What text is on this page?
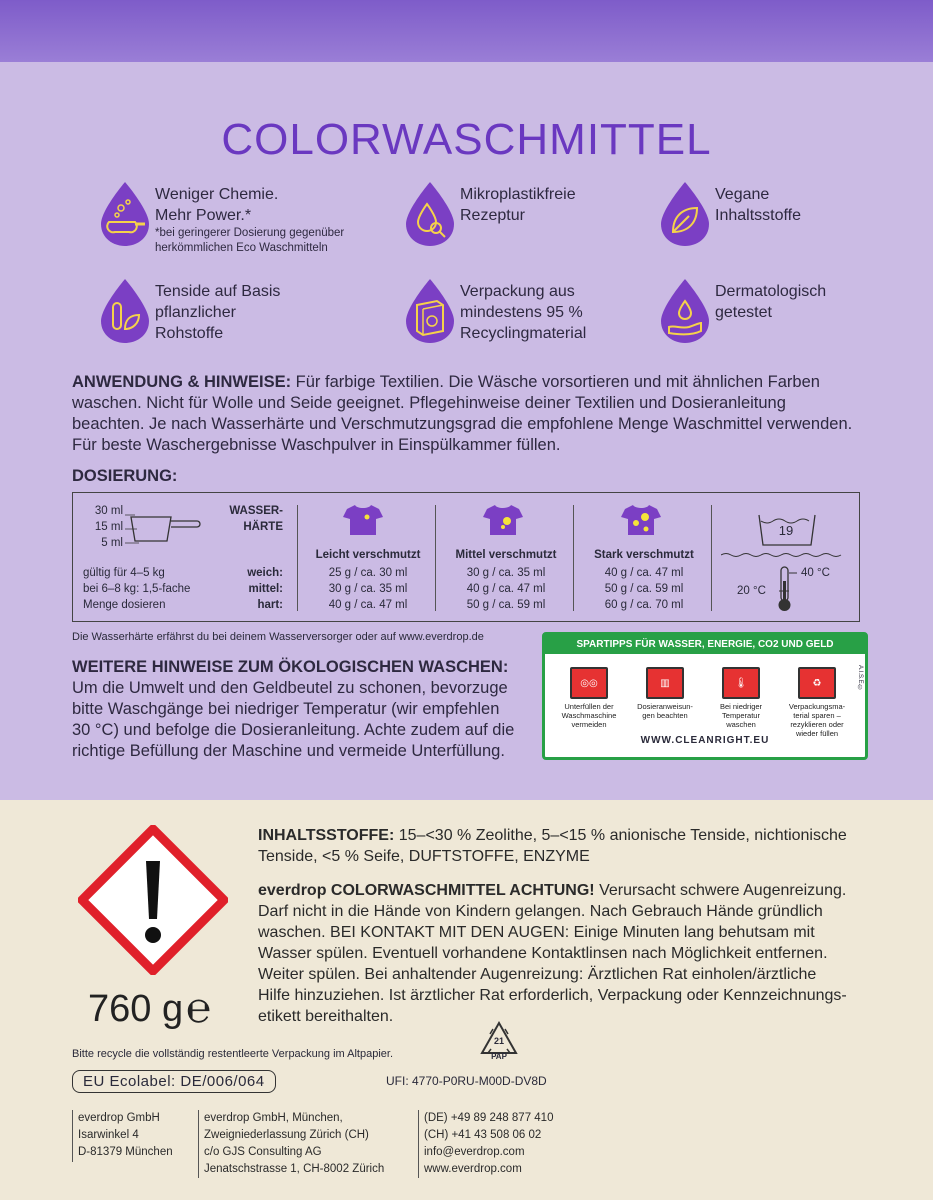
COLORWASCHMITTEL
Weniger Chemie.
Mehr Power.*
*bei geringerer Dosierung gegenüber
herkömmlichen Eco Waschmitteln
Mikroplastikfreie
Rezeptur
Vegane
Inhaltsstoffe
Tenside auf Basis
pflanzlicher
Rohstoffe
Verpackung aus
mindestens 95 %
Recyclingmaterial
Dermatologisch
getestet
ANWENDUNG & HINWEISE: Für farbige Textilien. Die Wäsche vorsortieren und mit ähnlichen Farben
waschen. Nicht für Wolle und Seide geeignet. Pflegehinweise deiner Textilien und Dosieranleitung
beachten. Je nach Wasserhärte und Verschmutzungsgrad die empfohlene Menge Waschmittel verwenden.
Für beste Waschergebnisse Waschpulver in Einspülkammer füllen.
DOSIERUNG:
30 ml
15 ml
5 ml
gültig für 4–5 kg
bei 6–8 kg: 1,5-fache
Menge dosieren
WASSER-
HÄRTE
weich:
mittel:
hart:
Leicht verschmutzt
25 g / ca. 30 ml
30 g / ca. 35 ml
40 g / ca. 47 ml
Mittel verschmutzt
30 g / ca. 35 ml
40 g / ca. 47 ml
50 g / ca. 59 ml
Stark verschmutzt
40 g / ca. 47 ml
50 g / ca. 59 ml
60 g / ca. 70 ml
19
40 °C
20 °C
Die Wasserhärte erfährst du bei deinem Wasserversorger oder auf www.everdrop.de
WEITERE HINWEISE ZUM ÖKOLOGISCHEN WASCHEN:
Um die Umwelt und den Geldbeutel zu schonen, bevorzuge
bitte Waschgänge bei niedriger Temperatur (wir empfehlen
30 °C) und befolge die Dosieranleitung. Achte zudem auf die
richtige Befüllung der Maschine und vermeide Unterfüllung.
SPARTIPPS FÜR WASSER, ENERGIE, CO2 UND GELD
A.I.S.E.©
◎◎
Unterfüllen der
Waschmaschine
vermeiden
▥
Dosieranweisun-
gen beachten
🌡
Bei niedriger
Temperatur
waschen
♻
Verpackungsma-
terial sparen –
rezyklieren oder wieder füllen
WWW.CLEANRIGHT.EU
INHALTSSTOFFE: 15–<30 % Zeolithe, 5–<15 % anionische Tenside, nichtionische
Tenside, <5 % Seife, DUFTSTOFFE, ENZYME
everdrop COLORWASCHMITTEL ACHTUNG! Verursacht schwere Augenreizung.
Darf nicht in die Hände von Kindern gelangen. Nach Gebrauch Hände gründlich
waschen. BEI KONTAKT MIT DEN AUGEN: Einige Minuten lang behutsam mit
Wasser spülen. Eventuell vorhandene Kontaktlinsen nach Möglichkeit entfernen.
Weiter spülen. Bei anhaltender Augenreizung: Ärztlichen Rat einholen/ärztliche
Hilfe hinzuziehen. Ist ärztlicher Rat erforderlich, Verpackung oder Kennzeichnungs-
etikett bereithalten.
760 g ℮
21
PAP
Bitte recycle die vollständig restentleerte Verpackung im Altpapier.
EU Ecolabel: DE/006/064	UFI: 4770-P0RU-M00D-DV8D
everdrop GmbH
Isarwinkel 4
D-81379 München
everdrop GmbH, München,
Zweigniederlassung Zürich (CH)
c/o GJS Consulting AG
Jenatschstrasse 1, CH-8002 Zürich
(DE) +49 89 248 877 410
(CH) +41 43 508 06 02
info@everdrop.com
www.everdrop.com
